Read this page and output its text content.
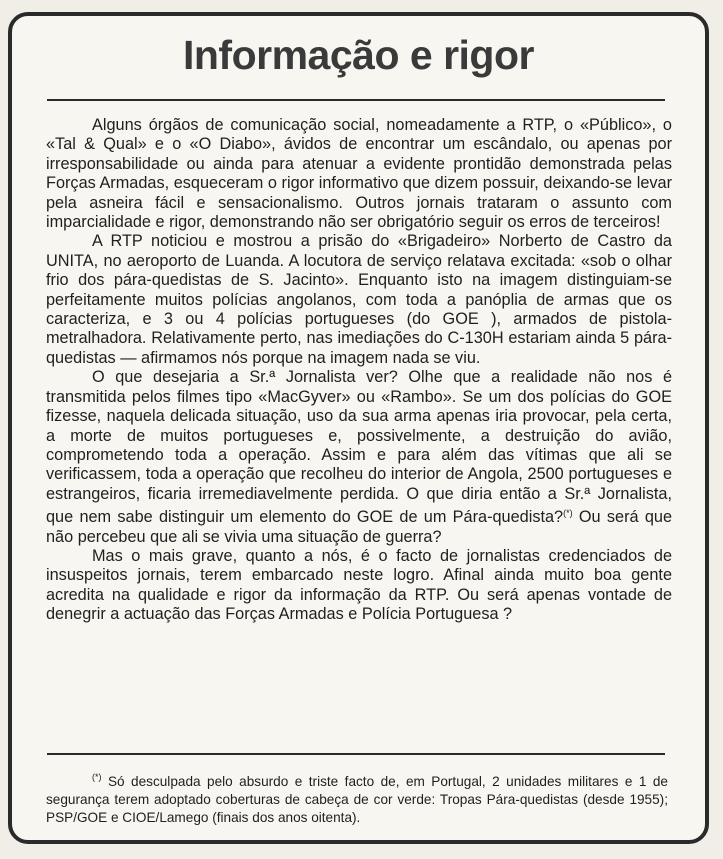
Informação e rigor

Alguns órgãos de comunicação social, nomeadamente a RTP, o «Público», o «Tal & Qual» e o «O Diabo», ávidos de encontrar um escândalo, ou apenas por irresponsabilidade ou ainda para atenuar a evidente prontidão demonstrada pelas Forças Armadas, esqueceram o rigor informativo que dizem possuir, deixando-se levar pela asneira fácil e sensacionalismo. Outros jornais trataram o assunto com imparcialidade e rigor, demonstrando não ser obrigatório seguir os erros de terceiros!

A RTP noticiou e mostrou a prisão do «Brigadeiro» Norberto de Castro da UNITA, no aeroporto de Luanda. A locutora de serviço relatava excitada: «sob o olhar frio dos pára-quedistas de S. Jacinto». Enquanto isto na imagem distinguiam-se perfeitamente muitos polícias angolanos, com toda a panóplia de armas que os caracteriza, e 3 ou 4 polícias portugueses (do GOE ), armados de pistola-metralhadora. Relativamente perto, nas imediações do C-130H estariam ainda 5 pára-quedistas — afirmamos nós porque na imagem nada se viu.

O que desejaria a Sr.ª Jornalista ver? Olhe que a realidade não nos é transmitida pelos filmes tipo «MacGyver» ou «Rambo». Se um dos polícias do GOE fizesse, naquela delicada situação, uso da sua arma apenas iria provocar, pela certa, a morte de muitos portugueses e, possivelmente, a destruição do avião, comprometendo toda a operação. Assim e para além das vítimas que ali se verificassem, toda a operação que recolheu do interior de Angola, 2500 portugueses e estrangeiros, ficaria irremediavelmente perdida. O que diria então a Sr.ª Jornalista, que nem sabe distinguir um elemento do GOE de um Pára-quedista?(*) Ou será que não percebeu que ali se vivia uma situação de guerra?

Mas o mais grave, quanto a nós, é o facto de jornalistas credenciados de insuspeitos jornais, terem embarcado neste logro. Afinal ainda muito boa gente acredita na qualidade e rigor da informação da RTP. Ou será apenas vontade de denegrir a actuação das Forças Armadas e Polícia Portuguesa ?

(*) Só desculpada pelo absurdo e triste facto de, em Portugal, 2 unidades militares e 1 de segurança terem adoptado coberturas de cabeça de cor verde: Tropas Pára-quedistas (desde 1955); PSP/GOE e CIOE/Lamego (finais dos anos oitenta).
